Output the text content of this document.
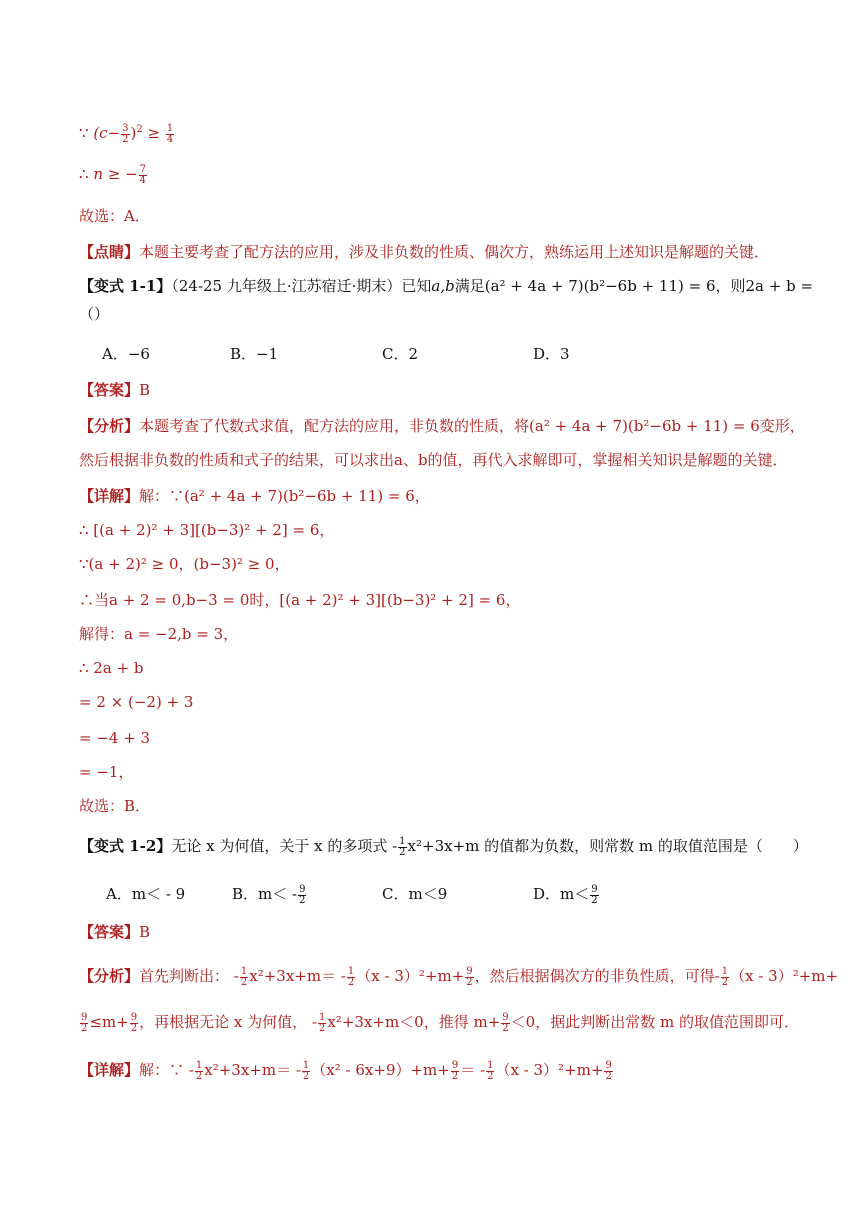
∵ $(c- \frac{3}{2} )^2 \ge \frac{1}{4}$
∴ n ≥ − $\frac{7}{4}$
故选：A．
【点睛】本题主要考查了配方法的应用，涉及非负数的性质、偶次方，熟练运用上述知识是解题的关键．
【变式 1-1】（24-25 九年级上·江苏宿迁·期末）已知a,b满足(a² + 4a + 7)(b²−6b + 11) = 6，则2a + b =
（）
A．−6	B．−1	C．2	D．3
【答案】B
【分析】本题考查了代数式求值，配方法的应用，非负数的性质，将(a² + 4a + 7)(b²−6b + 11) = 6变形，
然后根据非负数的性质和式子的结果，可以求出a、b的值，再代入求解即可，掌握相关知识是解题的关键．
【详解】解：∵(a² + 4a + 7)(b²−6b + 11) = 6，
∴ [(a + 2)² + 3][(b−3)² + 2] = 6，
∵(a + 2)² ≥ 0，(b−3)² ≥ 0，
∴当a + 2 = 0,b−3 = 0时，[(a + 2)² + 3][(b−3)² + 2] = 6，
解得：a = −2,b = 3，
∴ 2a + b
= 2 × (−2) + 3
= −4 + 3
= −1，
故选：B．
【变式 1-2】无论 x 为何值，关于 x 的多项式 - $\frac{1}{2} x^2+3x+m$ 的值都为负数，则常数 m 的取值范围是（　　）
A．m＜ - 9	B．$m< - \frac{9}{2}$	C．m＜9	D．$m< \frac{9}{2}$
【答案】B
【分析】首先判断出： - $\frac{1}{2} x^2+3x+m= - \frac{1}{2} (x - 3)^2+m+ \frac{9}{2}$ ，然后根据偶次方的非负性质，可得- $\frac{1}{2} (x - 3)^2+m+$
$\frac{9}{2} \le m+ \frac{9}{2}$ ，再根据无论 x 为何值， - $\frac{1}{2} x^2+3x+m<0$，推得 $m+ \frac{9}{2} <0$，据此判断出常数 m 的取值范围即可．
【详解】解：∵ - $\frac{1}{2} x^2+3x+m= - \frac{1}{2} (x^2 - 6x+9)+m+ \frac{9}{2}$ ＝ - $\frac{1}{2} (x - 3)^2+m+ \frac{9}{2}$
